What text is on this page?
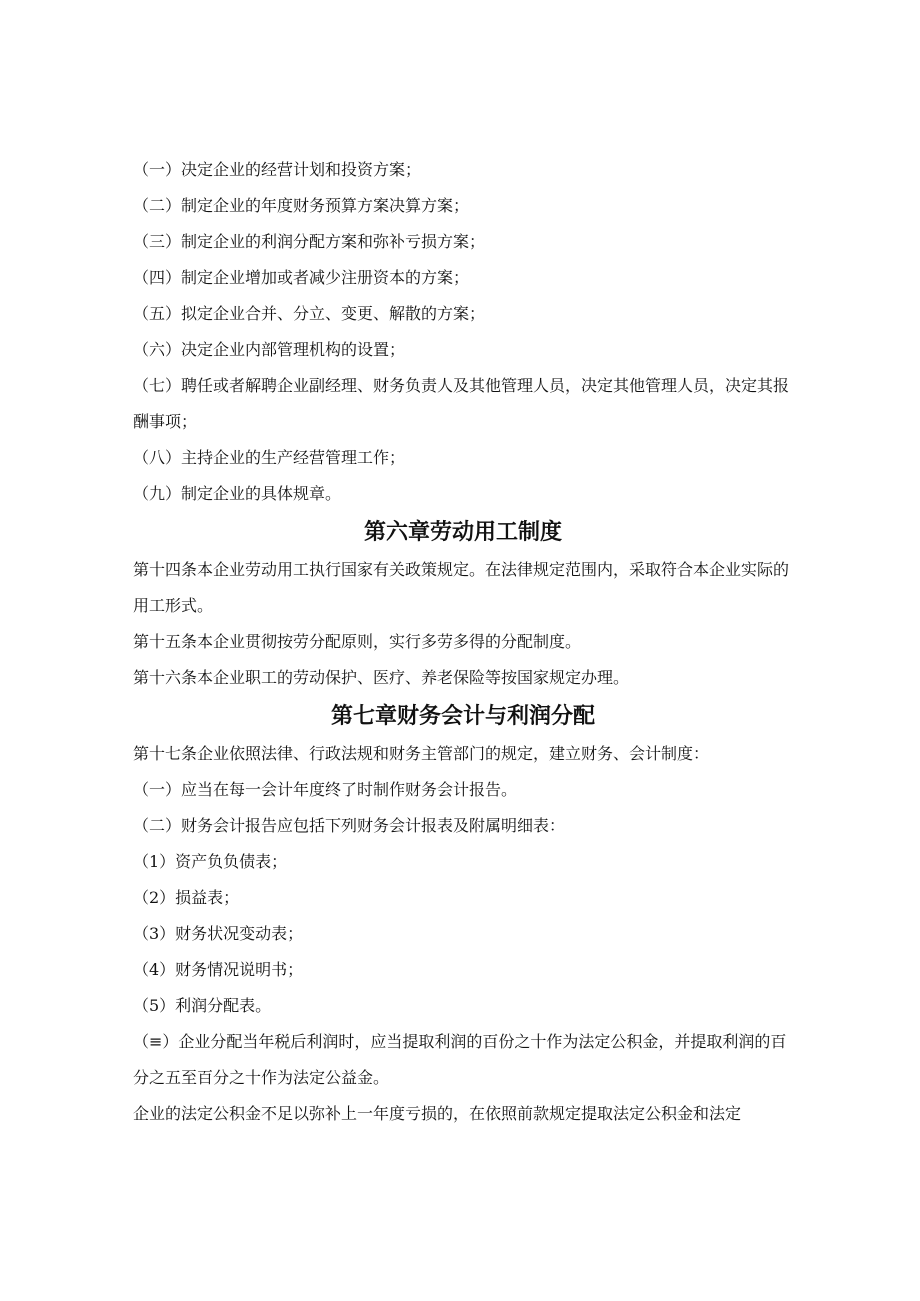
（一）决定企业的经营计划和投资方案；

（二）制定企业的年度财务预算方案决算方案；

（三）制定企业的利润分配方案和弥补亏损方案；

（四）制定企业增加或者减少注册资本的方案；

（五）拟定企业合并、分立、变更、解散的方案；

（六）决定企业内部管理机构的设置；

（七）聘任或者解聘企业副经理、财务负责人及其他管理人员，决定其他管理人员，决定其报酬事项；

（八）主持企业的生产经营管理工作；

（九）制定企业的具体规章。

第六章劳动用工制度

第十四条本企业劳动用工执行国家有关政策规定。在法律规定范围内，采取符合本企业实际的用工形式。

第十五条本企业贯彻按劳分配原则，实行多劳多得的分配制度。

第十六条本企业职工的劳动保护、医疗、养老保险等按国家规定办理。

第七章财务会计与利润分配

第十七条企业依照法律、行政法规和财务主管部门的规定，建立财务、会计制度：

（一）应当在每一会计年度终了时制作财务会计报告。

（二）财务会计报告应包括下列财务会计报表及附属明细表：

（1）资产负负债表；

（2）损益表；

（3）财务状况变动表；

（4）财务情况说明书；

（5）利润分配表。

（≡）企业分配当年税后利润时，应当提取利润的百份之十作为法定公积金，并提取利润的百分之五至百分之十作为法定公益金。

企业的法定公积金不足以弥补上一年度亏损的，在依照前款规定提取法定公积金和法定
